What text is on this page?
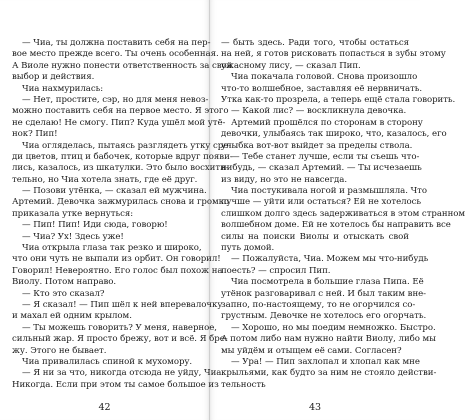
— Чиа, ты должна поставить себя на пер-
вое место прежде всего. Ты очень особенная.
А Виоле нужно понести ответственность за свой
выбор и действия.
Чиа нахмурилась:
— Нет, простите, сэр, но для меня невоз-
можно поставить себя на первое место. Я этого
не сделаю! Не смогу. Пип? Куда ушёл мой утё-
нок? Пип!
Чиа огляделась, пытаясь разглядеть утку сре-
ди цветов, птиц и бабочек, которые вдруг появи-
лись, казалось, из шкатулки. Это было восхити-
тельно, но Чиа хотела знать, где её друг.
— Позови утёнка, — сказал ей мужчина.
Артемий. Девочка зажмурилась снова и громко
приказала утке вернуться:
— Пип! Пип! Иди сюда, говорю!
— Чиа? Ух! Здесь уже!
Чиа открыла глаза так резко и широко,
что они чуть не выпали из орбит. Он говорил!
Говорил! Невероятно. Его голос был похож на
Виолу. Потом направо.
— Кто это сказал?
— Я сказал! — Пип шёл к ней вперевалочку
и махал ей одним крылом.
— Ты можешь говорить? У меня, наверное,
сильный жар. Я просто брежу, вот и всё. Я бре-
жу. Этого не бывает.
Чиа привалилась спиной к мухомору.
— Я ни за что, никогда отсюда не уйду, Чиа.
Никогда. Если при этом ты самое большое из
42
— быть здесь. Ради того, чтобы остаться
на ней, я готов рисковать попасться в зубы этому
ужасному лису, — сказал Пип.
Чиа покачала головой. Снова произошло
что-то волшебное, заставляя её нервничать.
Утка как-то прозрела, а теперь ещё стала говорить.
— Какой лис? — воскликнула девочка.
Артемий прошёлся по сторонам в сторону
девочки, улыбаясь так широко, что, казалось, его
улыбка вот-вот выйдет за пределы ствола.
— Тебе станет лучше, если ты съешь что-
нибудь, — сказал Артемий. — Ты исчезаешь
из виду, но это не навсегда.
Чиа постукивала ногой и размышляла. Что
лучше — уйти или остаться? Ей не хотелось
слишком долго здесь задерживаться в этом странном
волшебном доме. Ей не хотелось бы направить все
силы на поиски Виолы и отыскать свой
путь домой.
— Пожалуйста, Чиа. Можем мы что-нибудь
поесть? — спросил Пип.
Чиа посмотрела в большие глаза Пипа. Её
утёнок разговаривал с ней. И был таким вне-
запно, по-настоящему, то не огорчился со-
грустным. Девочке не хотелось его огорчать.
— Хорошо, но мы поедим немножко. Быстро.
А потом либо нам нужно найти Виолу, либо мы
мы уйдём и отыщем её сами. Согласен?
— Ура! — Пип захлопал и хлопал как мне
крыльями, как будто за ним не стояло действи-
тельность
43
